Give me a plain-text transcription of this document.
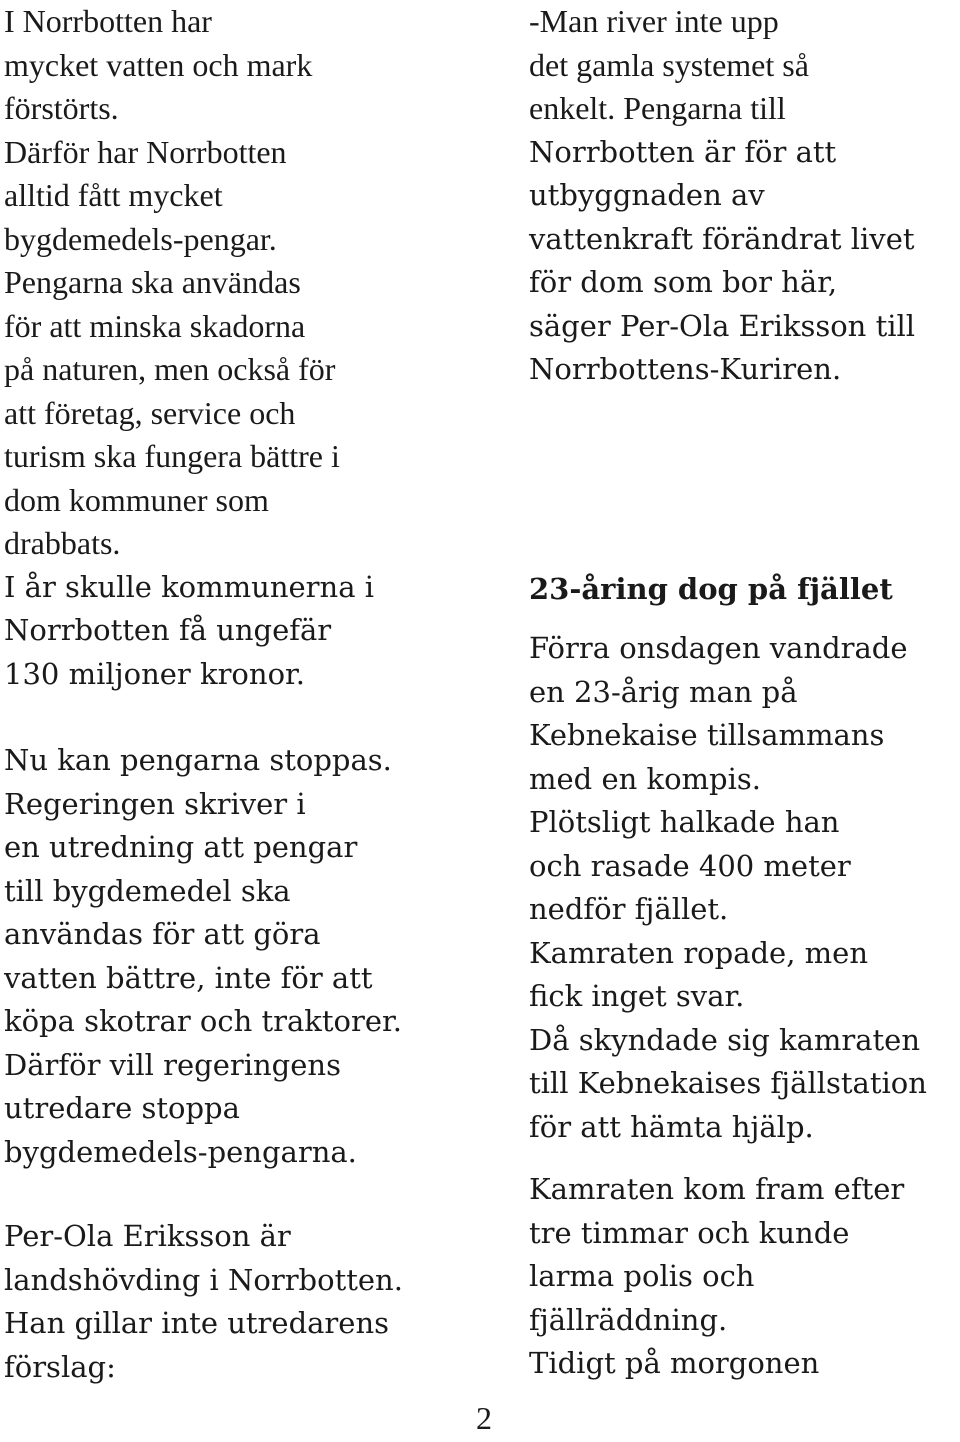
I Norrbotten har
mycket vatten och mark
förstörts.
Därför har Norrbotten
alltid fått mycket
bygdemedels-pengar.
Pengarna ska användas
för att minska skadorna
på naturen, men också för
att företag, service och
turism ska fungera bättre i
dom kommuner som
drabbats.
I år skulle kommunerna i
Norrbotten få ungefär
130 miljoner kronor.
Nu kan pengarna stoppas.
Regeringen skriver i
en utredning att pengar
till bygdemedel ska
användas för att göra
vatten bättre, inte för att
köpa skotrar och traktorer.
Därför vill regeringens
utredare stoppa
bygdemedels-pengarna.
Per-Ola Eriksson är
landshövding i Norrbotten.
Han gillar inte utredarens
förslag:
-Man river inte upp
det gamla systemet så
enkelt. Pengarna till
Norrbotten är för att
utbyggnaden av
vattenkraft förändrat livet
för dom som bor här,
säger Per-Ola Eriksson till
Norrbottens-Kuriren.
23-åring dog på fjället
Förra onsdagen vandrade
en 23-årig man på
Kebnekaise tillsammans
med en kompis.
Plötsligt halkade han
och rasade 400 meter
nedför fjället.
Kamraten ropade, men
fick inget svar.
Då skyndade sig kamraten
till Kebnekaises fjällstation
för att hämta hjälp.
Kamraten kom fram efter
tre timmar och kunde
larma polis och
fjällräddning.
Tidigt på morgonen
2
